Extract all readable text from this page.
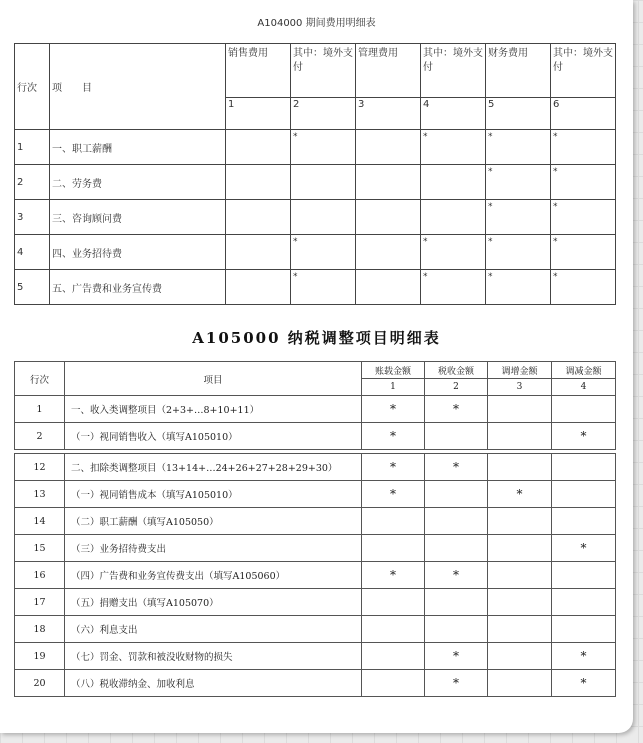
A104000 期间费用明细表
行次	项　　目	销售费用	其中：境外支付	管理费用	其中：境外支付	财务费用	其中：境外支付
		1	2	3	4	5	6
1	一、职工薪酬		*		*	*	*
2	二、劳务费					*	*
3	三、咨询顾问费					*	*
4	四、业务招待费		*		*	*	*
5	五、广告费和业务宣传费		*		*	*	*
A105000 纳税调整项目明细表
行次	项目	账载金额	税收金额	调增金额	调减金额
		1	2	3	4
1	一、收入类调整项目（2+3+…8+10+11）	*	*		
2	（一）视同销售收入（填写A105010）	*			*

12	二、扣除类调整项目（13+14+…24+26+27+28+29+30）	*	*		
13	（一）视同销售成本（填写A105010）	*		*	
14	（二）职工薪酬（填写A105050）				
15	（三）业务招待费支出				*
16	（四）广告费和业务宣传费支出（填写A105060）	*	*		
17	（五）捐赠支出（填写A105070）				
18	（六）利息支出				
19	（七）罚金、罚款和被没收财物的损失		*		*
20	（八）税收滞纳金、加收利息		*		*
